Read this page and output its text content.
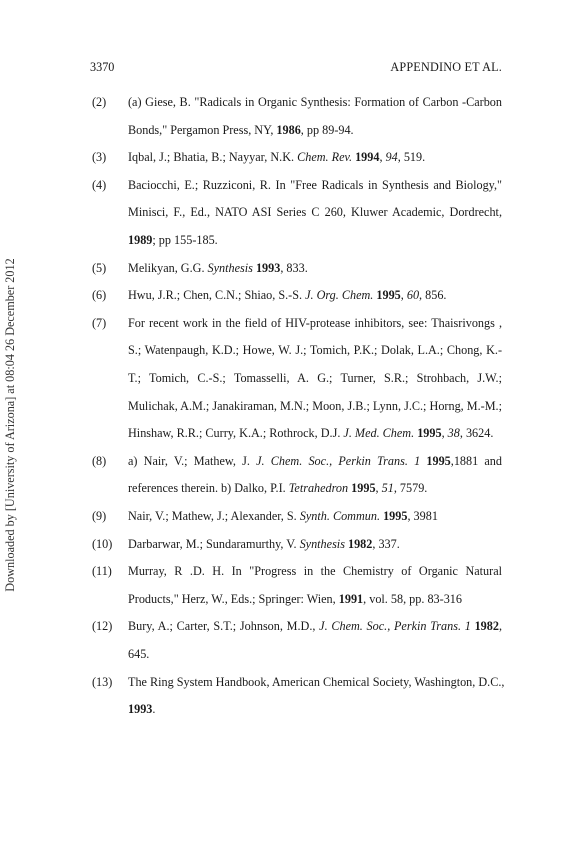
3370	APPENDINO ET AL.
Downloaded by [University of Arizona] at 08:04 26 December 2012
(2) (a) Giese, B. "Radicals in Organic Synthesis: Formation of Carbon -Carbon
Bonds," Pergamon Press, NY, 1986, pp 89-94.
(3) Iqbal, J.; Bhatia, B.; Nayyar, N.K. Chem. Rev. 1994, 94, 519.
(4) Baciocchi, E.; Ruzziconi, R. In "Free Radicals in Synthesis and Biology,"
Minisci, F., Ed., NATO ASI Series C 260, Kluwer Academic, Dordrecht,
1989; pp 155-185.
(5) Melikyan, G.G. Synthesis 1993, 833.
(6) Hwu, J.R.; Chen, C.N.; Shiao, S.-S. J. Org. Chem. 1995, 60, 856.
(7) For recent work in the field of HIV-protease inhibitors, see: Thaisrivongs ,
S.; Watenpaugh, K.D.; Howe, W. J.; Tomich, P.K.; Dolak, L.A.; Chong, K.-
T.; Tomich, C.-S.; Tomasselli, A. G.; Turner, S.R.; Strohbach, J.W.;
Mulichak, A.M.; Janakiraman, M.N.; Moon, J.B.; Lynn, J.C.; Horng, M.-M.;
Hinshaw, R.R.; Curry, K.A.; Rothrock, D.J. J. Med. Chem. 1995, 38, 3624.
(8) a) Nair, V.; Mathew, J. J. Chem. Soc., Perkin Trans. 1 1995,1881 and
references therein. b) Dalko, P.I. Tetrahedron 1995, 51, 7579.
(9) Nair, V.; Mathew, J.; Alexander, S. Synth. Commun. 1995, 3981
(10) Darbarwar, M.; Sundaramurthy, V. Synthesis 1982, 337.
(11) Murray, R .D. H. In "Progress in the Chemistry of Organic Natural
Products," Herz, W., Eds.; Springer: Wien, 1991, vol. 58, pp. 83-316
(12) Bury, A.; Carter, S.T.; Johnson, M.D., J. Chem. Soc., Perkin Trans. 1 1982,
645.
(13) The Ring System Handbook, American Chemical Society, Washington, D.C.,
1993.
